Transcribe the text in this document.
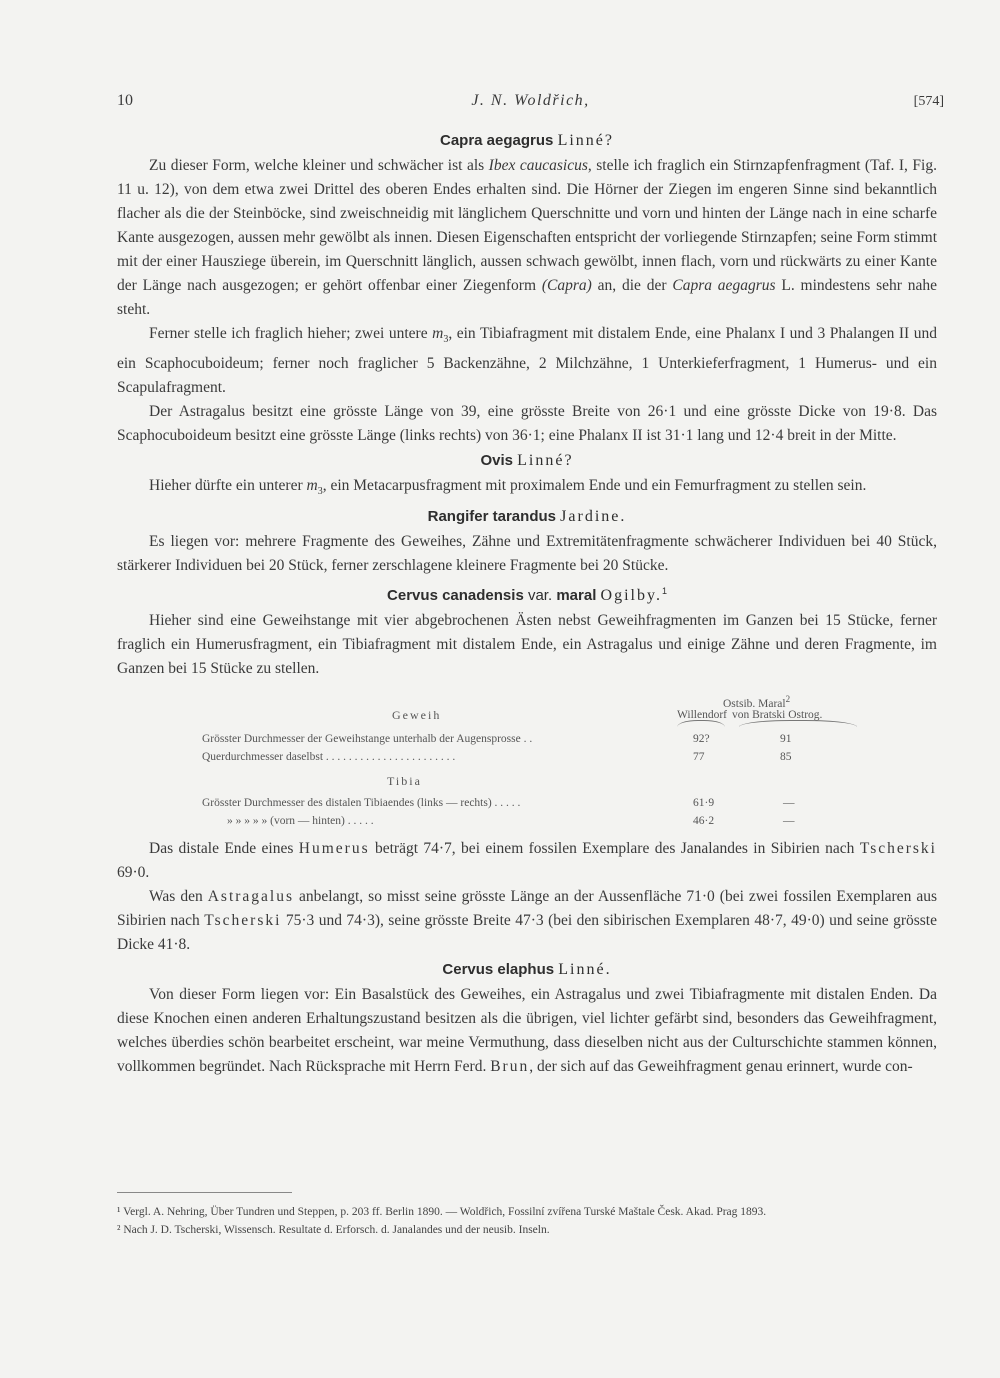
10	J. N. Woldřich,	[574]
Capra aegagrus Linné?

Zu dieser Form, welche kleiner und schwächer ist als Ibex caucasicus, stelle ich fraglich ein Stirnzapfenfragment (Taf. I, Fig. 11 u. 12), von dem etwa zwei Drittel des oberen Endes erhalten sind. Die Hörner der Ziegen im engeren Sinne sind bekanntlich flacher als die der Steinböcke, sind zweischneidig mit länglichem Querschnitte und vorn und hinten der Länge nach in eine scharfe Kante ausgezogen, aussen mehr gewölbt als innen. Diesen Eigenschaften entspricht der vorliegende Stirnzapfen; seine Form stimmt mit der einer Hausziege überein, im Querschnitt länglich, aussen schwach gewölbt, innen flach, vorn und rückwärts zu einer Kante der Länge nach ausgezogen; er gehört offenbar einer Ziegenform (Capra) an, die der Capra aegagrus L. mindestens sehr nahe steht.

Ferner stelle ich fraglich hieher; zwei untere $m_3$, ein Tibiafragment mit distalem Ende, eine Phalanx I und 3 Phalangen II und ein Scaphocuboideum; ferner noch fraglicher 5 Backenzähne, 2 Milchzähne, 1 Unterkieferfragment, 1 Humerus- und ein Scapulafragment.

Der Astragalus besitzt eine grösste Länge von 39, eine grösste Breite von 26·1 und eine grösste Dicke von 19·8. Das Scaphocuboideum besitzt eine grösste Länge (links rechts) von 36·1; eine Phalanx II ist 31·1 lang und 12·4 breit in der Mitte.

Ovis Linné?

Hieher dürfte ein unterer $m_3$, ein Metacarpusfragment mit proximalem Ende und ein Femurfragment zu stellen sein.

Rangifer tarandus Jardine.

Es liegen vor: mehrere Fragmente des Geweihes, Zähne und Extremitätenfragmente schwächerer Individuen bei 40 Stück, stärkerer Individuen bei 20 Stück, ferner zerschlagene kleinere Fragmente bei 20 Stücke.

Cervus canadensis var. maral Ogilby.$^1$

Hieher sind eine Geweihstange mit vier abgebrochenen Ästen nebst Geweihfragmenten im Ganzen bei 15 Stücke, ferner fraglich ein Humerusfragment, ein Tibiafragment mit distalem Ende, ein Astragalus und einige Zähne und deren Fragmente, im Ganzen bei 15 Stücke zu stellen.

Ostsib. Maral$^2$
Geweih	Willendorf von Bratski Ostrog.
Grösster Durchmesser der Geweihstange unterhalb der Augensprosse . .	92?	91
Querdurchmesser daselbst . . . . . . . . . . . . . . . . . . . . . . .	77	85
Tibia
Grösster Durchmesser des distalen Tibiaendes (links — rechts) . . . . .	61·9	—
» » » » » (vorn — hinten) . . . . .	46·2	—

Das distale Ende eines Humerus beträgt 74·7, bei einem fossilen Exemplare des Janalandes in Sibirien nach Tscherski 69·0.

Was den Astragalus anbelangt, so misst seine grösste Länge an der Aussenfläche 71·0 (bei zwei fossilen Exemplaren aus Sibirien nach Tscherski 75·3 und 74·3), seine grösste Breite 47·3 (bei den sibirischen Exemplaren 48·7, 49·0) und seine grösste Dicke 41·8.

Cervus elaphus Linné.

Von dieser Form liegen vor: Ein Basalstück des Geweihes, ein Astragalus und zwei Tibiafragmente mit distalen Enden. Da diese Knochen einen anderen Erhaltungszustand besitzen als die übrigen, viel lichter gefärbt sind, besonders das Geweihfragment, welches überdies schön bearbeitet erscheint, war meine Vermuthung, dass dieselben nicht aus der Culturschichte stammen können, vollkommen begründet. Nach Rücksprache mit Herrn Ferd. Brun, der sich auf das Geweihfragment genau erinnert, wurde con-

¹ Vergl. A. Nehring, Über Tundren und Steppen, p. 203 ff. Berlin 1890. — Woldřich, Fossilní zvířena Turské Maštale Česk. Akad. Prag 1893.

² Nach J. D. Tscherski, Wissensch. Resultate d. Erforsch. d. Janalandes und der neusib. Inseln.
